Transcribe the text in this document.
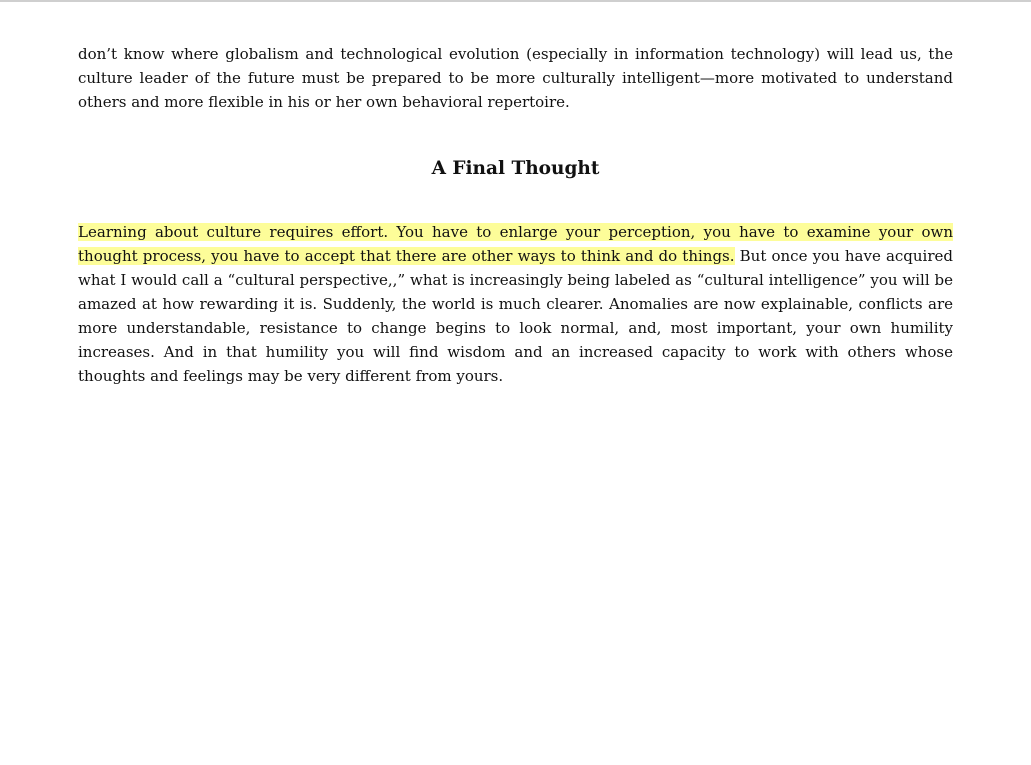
don’t know where globalism and technological evolution (especially in information technology) will lead us, the culture leader of the future must be prepared to be more culturally intelligent—more motivated to understand others and more flexible in his or her own behavioral repertoire.

A Final Thought

Learning about culture requires effort. You have to enlarge your perception, you have to examine your own thought process, you have to accept that there are other ways to think and do things. But once you have acquired what I would call a “cultural perspective,,” what is increasingly being labeled as “cultural intelligence” you will be amazed at how rewarding it is. Suddenly, the world is much clearer. Anomalies are now explainable, conflicts are more understandable, resistance to change begins to look normal, and, most important, your own humility increases. And in that humility you will find wisdom and an increased capacity to work with others whose thoughts and feelings may be very different from yours.
